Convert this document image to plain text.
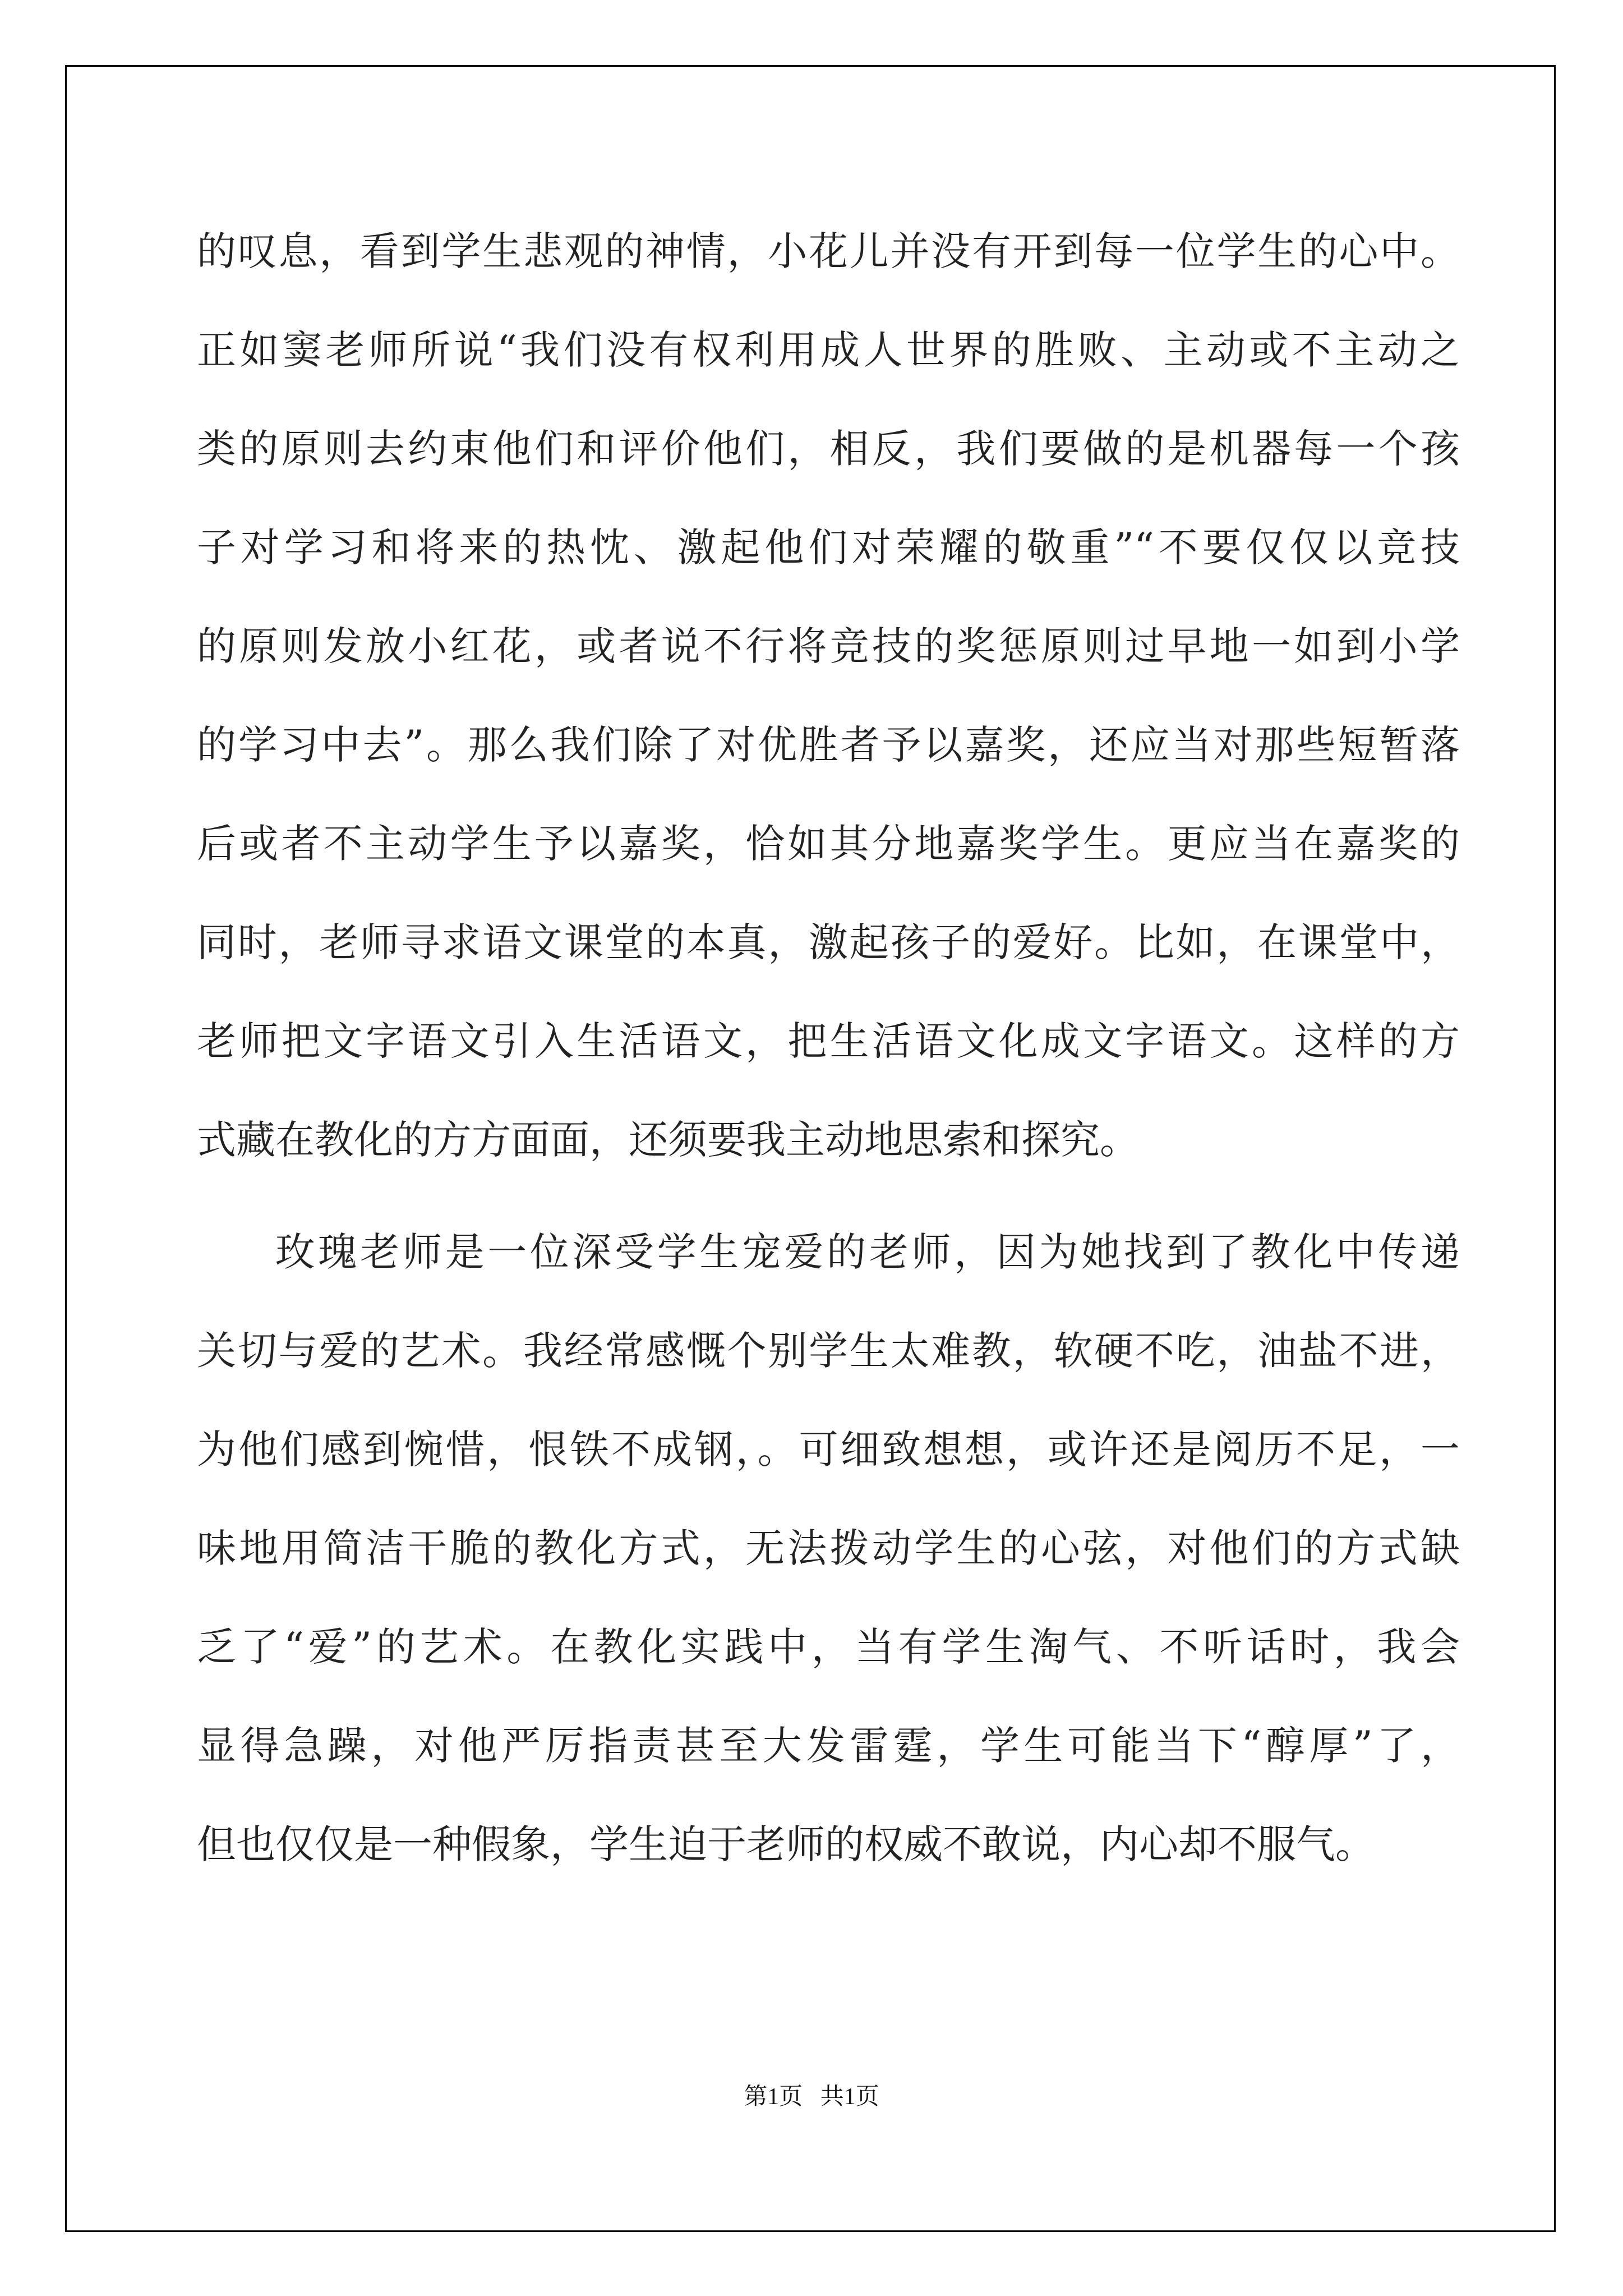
的叹息，看到学生悲观的神情，小花儿并没有开到每一位学生的心中。
正如窦老师所说“我们没有权利用成人世界的胜败、主动或不主动之
类的原则去约束他们和评价他们，相反，我们要做的是机器每一个孩
子对学习和将来的热忱、激起他们对荣耀的敬重”“不要仅仅以竞技
的原则发放小红花，或者说不行将竞技的奖惩原则过早地一如到小学
的学习中去”。那么我们除了对优胜者予以嘉奖，还应当对那些短暂落
后或者不主动学生予以嘉奖，恰如其分地嘉奖学生。更应当在嘉奖的
同时，老师寻求语文课堂的本真，激起孩子的爱好。比如，在课堂中，
老师把文字语文引入生活语文，把生活语文化成文字语文。这样的方
式藏在教化的方方面面，还须要我主动地思索和探究。
玫瑰老师是一位深受学生宠爱的老师，因为她找到了教化中传递
关切与爱的艺术。我经常感慨个别学生太难教，软硬不吃，油盐不进，
为他们感到惋惜，恨铁不成钢，。可细致想想，或许还是阅历不足，一
味地用简洁干脆的教化方式，无法拨动学生的心弦，对他们的方式缺
乏了“爱”的艺术。在教化实践中，当有学生淘气、不听话时，我会
显得急躁，对他严厉指责甚至大发雷霆，学生可能当下“醇厚”了，
但也仅仅是一种假象，学生迫于老师的权威不敢说，内心却不服气。
第1页   共1页
